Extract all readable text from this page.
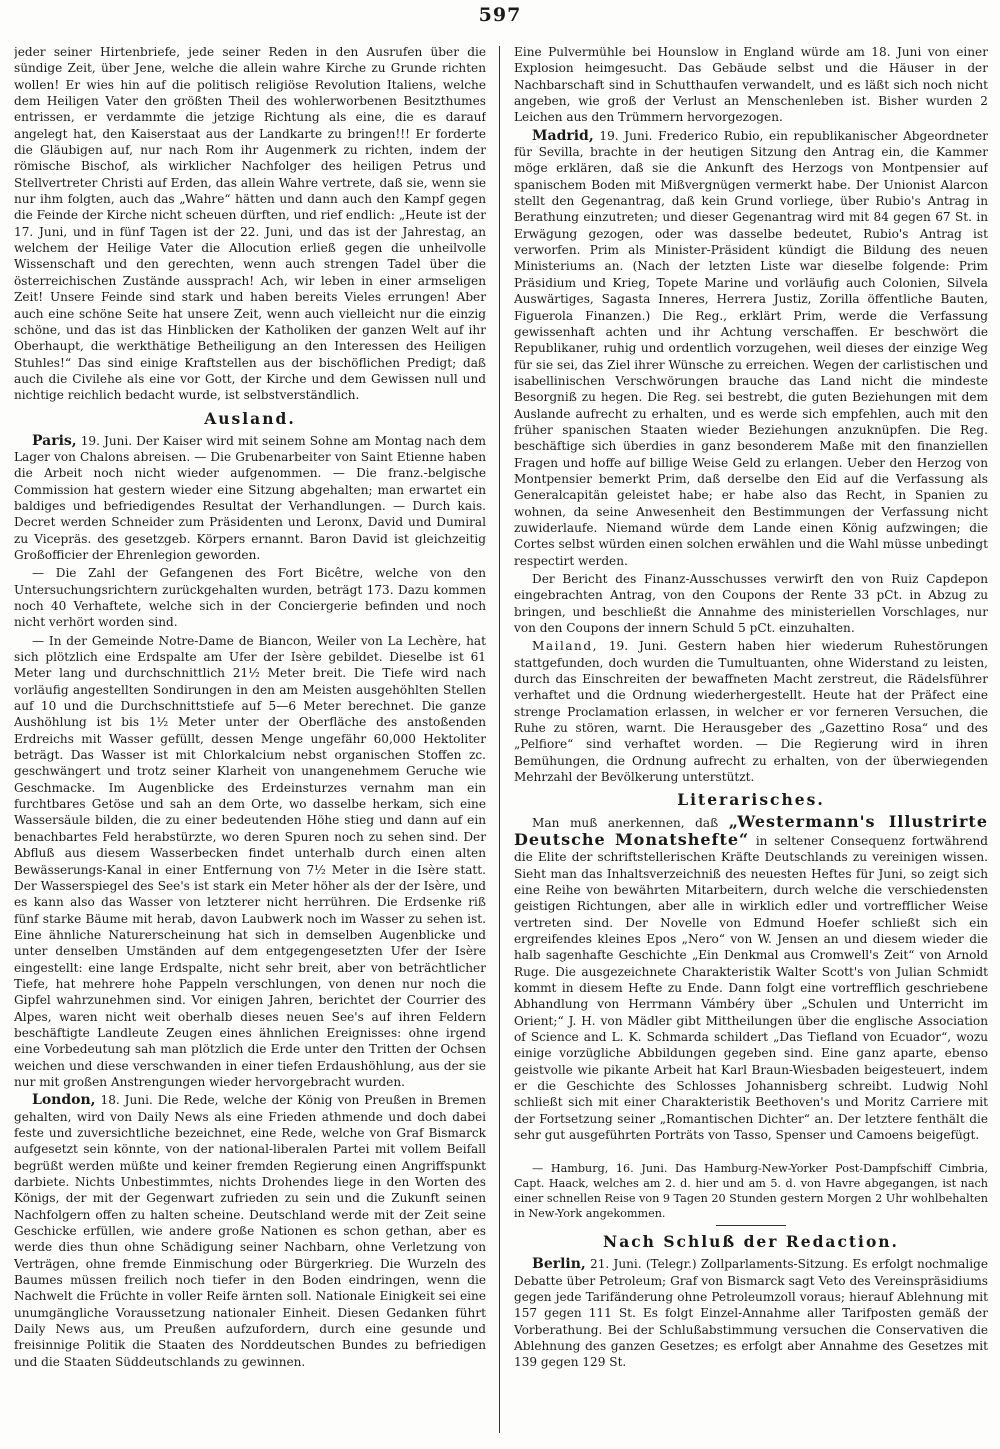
597

jeder seiner Hirtenbriefe, jede seiner Reden in den Ausrufen über die sündige Zeit, über Jene, welche die allein wahre Kirche zu Grunde richten wollen! Er wies hin auf die politisch religiöse Revolution Italiens, welche dem Heiligen Vater den größten Theil des wohlerworbenen Besitzthumes entrissen, er verdammte die jetzige Richtung als eine, die es darauf angelegt hat, den Kaiserstaat aus der Landkarte zu bringen!!! Er forderte die Gläubigen auf, nur nach Rom ihr Augenmerk zu richten, indem der römische Bischof, als wirklicher Nachfolger des heiligen Petrus und Stellvertreter Christi auf Erden, das allein Wahre vertrete, daß sie, wenn sie nur ihm folgten, auch das „Wahre“ hätten und dann auch den Kampf gegen die Feinde der Kirche nicht scheuen dürften, und rief endlich: „Heute ist der 17. Juni, und in fünf Tagen ist der 22. Juni, und das ist der Jahrestag, an welchem der Heilige Vater die Allocution erließ gegen die unheilvolle Wissenschaft und den gerechten, wenn auch strengen Tadel über die österreichischen Zustände aussprach! Ach, wir leben in einer armseligen Zeit! Unsere Feinde sind stark und haben bereits Vieles errungen! Aber auch eine schöne Seite hat unsere Zeit, wenn auch vielleicht nur die einzig schöne, und das ist das Hinblicken der Katholiken der ganzen Welt auf ihr Oberhaupt, die werkthätige Betheiligung an den Interessen des Heiligen Stuhles!“ Das sind einige Kraftstellen aus der bischöflichen Predigt; daß auch die Civilehe als eine vor Gott, der Kirche und dem Gewissen null und nichtige reichlich bedacht wurde, ist selbstverständlich.

Ausland.

Paris, 19. Juni. Der Kaiser wird mit seinem Sohne am Montag nach dem Lager von Chalons abreisen. — Die Grubenarbeiter von Saint Etienne haben die Arbeit noch nicht wieder aufgenommen. — Die franz.-belgische Commission hat gestern wieder eine Sitzung abgehalten; man erwartet ein baldiges und befriedigendes Resultat der Verhandlungen. — Durch kais. Decret werden Schneider zum Präsidenten und Leronx, David und Dumiral zu Vicepräs. des gesetzgeb. Körpers ernannt. Baron David ist gleichzeitig Großofficier der Ehrenlegion geworden.

— Die Zahl der Gefangenen des Fort Bicêtre, welche von den Untersuchungsrichtern zurückgehalten wurden, beträgt 173. Dazu kommen noch 40 Verhaftete, welche sich in der Conciergerie befinden und noch nicht verhört worden sind.

— In der Gemeinde Notre-Dame de Biancon, Weiler von La Lechère, hat sich plötzlich eine Erdspalte am Ufer der Isère gebildet. Dieselbe ist 61 Meter lang und durchschnittlich 21½ Meter breit. Die Tiefe wird nach vorläufig angestellten Sondirungen in den am Meisten ausgehöhlten Stellen auf 10 und die Durchschnittstiefe auf 5—6 Meter berechnet. Die ganze Aushöhlung ist bis 1½ Meter unter der Oberfläche des anstoßenden Erdreichs mit Wasser gefüllt, dessen Menge ungefähr 60,000 Hektoliter beträgt. Das Wasser ist mit Chlorkalcium nebst organischen Stoffen zc. geschwängert und trotz seiner Klarheit von unangenehmem Geruche wie Geschmacke. Im Augenblicke des Erdeinsturzes vernahm man ein furchtbares Getöse und sah an dem Orte, wo dasselbe herkam, sich eine Wassersäule bilden, die zu einer bedeutenden Höhe stieg und dann auf ein benachbartes Feld herabstürzte, wo deren Spuren noch zu sehen sind. Der Abfluß aus diesem Wasserbecken findet unterhalb durch einen alten Bewässerungs-Kanal in einer Entfernung von 7½ Meter in die Isère statt. Der Wasserspiegel des See's ist stark ein Meter höher als der der Isère, und es kann also das Wasser von letzterer nicht herrühren. Die Erdsenke riß fünf starke Bäume mit herab, davon Laubwerk noch im Wasser zu sehen ist. Eine ähnliche Naturerscheinung hat sich in demselben Augenblicke und unter denselben Umständen auf dem entgegengesetzten Ufer der Isère eingestellt: eine lange Erdspalte, nicht sehr breit, aber von beträchtlicher Tiefe, hat mehrere hohe Pappeln verschlungen, von denen nur noch die Gipfel wahrzunehmen sind. Vor einigen Jahren, berichtet der Courrier des Alpes, waren nicht weit oberhalb dieses neuen See's auf ihren Feldern beschäftigte Landleute Zeugen eines ähnlichen Ereignisses: ohne irgend eine Vorbedeutung sah man plötzlich die Erde unter den Tritten der Ochsen weichen und diese verschwanden in einer tiefen Erdaushöhlung, aus der sie nur mit großen Anstrengungen wieder hervorgebracht wurden.

London, 18. Juni. Die Rede, welche der König von Preußen in Bremen gehalten, wird von Daily News als eine Frieden athmende und doch dabei feste und zuversichtliche bezeichnet, eine Rede, welche von Graf Bismarck aufgesetzt sein könnte, von der national-liberalen Partei mit vollem Beifall begrüßt werden müßte und keiner fremden Regierung einen Angriffspunkt darbiete. Nichts Unbestimmtes, nichts Drohendes liege in den Worten des Königs, der mit der Gegenwart zufrieden zu sein und die Zukunft seinen Nachfolgern offen zu halten scheine. Deutschland werde mit der Zeit seine Geschicke erfüllen, wie andere große Nationen es schon gethan, aber es werde dies thun ohne Schädigung seiner Nachbarn, ohne Verletzung von Verträgen, ohne fremde Einmischung oder Bürgerkrieg. Die Wurzeln des Baumes müssen freilich noch tiefer in den Boden eindringen, wenn die Nachwelt die Früchte in voller Reife ärnten soll. Nationale Einigkeit sei eine unumgängliche Voraussetzung nationaler Einheit. Diesen Gedanken führt Daily News aus, um Preußen aufzufordern, durch eine gesunde und freisinnige Politik die Staaten des Norddeutschen Bundes zu befriedigen und die Staaten Süddeutschlands zu gewinnen.

Eine Pulvermühle bei Hounslow in England würde am 18. Juni von einer Explosion heimgesucht. Das Gebäude selbst und die Häuser in der Nachbarschaft sind in Schutthaufen verwandelt, und es läßt sich noch nicht angeben, wie groß der Verlust an Menschenleben ist. Bisher wurden 2 Leichen aus den Trümmern hervorgezogen.

Madrid, 19. Juni. Frederico Rubio, ein republikanischer Abgeordneter für Sevilla, brachte in der heutigen Sitzung den Antrag ein, die Kammer möge erklären, daß sie die Ankunft des Herzogs von Montpensier auf spanischem Boden mit Mißvergnügen vermerkt habe. Der Unionist Alarcon stellt den Gegenantrag, daß kein Grund vorliege, über Rubio's Antrag in Berathung einzutreten; und dieser Gegenantrag wird mit 84 gegen 67 St. in Erwägung gezogen, oder was dasselbe bedeutet, Rubio's Antrag ist verworfen. Prim als Minister-Präsident kündigt die Bildung des neuen Ministeriums an. (Nach der letzten Liste war dieselbe folgende: Prim Präsidium und Krieg, Topete Marine und vorläufig auch Colonien, Silvela Auswärtiges, Sagasta Inneres, Herrera Justiz, Zorilla öffentliche Bauten, Figuerola Finanzen.) Die Reg., erklärt Prim, werde die Verfassung gewissenhaft achten und ihr Achtung verschaffen. Er beschwört die Republikaner, ruhig und ordentlich vorzugehen, weil dieses der einzige Weg für sie sei, das Ziel ihrer Wünsche zu erreichen. Wegen der carlistischen und isabellinischen Verschwörungen brauche das Land nicht die mindeste Besorgniß zu hegen. Die Reg. sei bestrebt, die guten Beziehungen mit dem Auslande aufrecht zu erhalten, und es werde sich empfehlen, auch mit den früher spanischen Staaten wieder Beziehungen anzuknüpfen. Die Reg. beschäftige sich überdies in ganz besonderem Maße mit den finanziellen Fragen und hoffe auf billige Weise Geld zu erlangen. Ueber den Herzog von Montpensier bemerkt Prim, daß derselbe den Eid auf die Verfassung als Generalcapitän geleistet habe; er habe also das Recht, in Spanien zu wohnen, da seine Anwesenheit den Bestimmungen der Verfassung nicht zuwiderlaufe. Niemand würde dem Lande einen König aufzwingen; die Cortes selbst würden einen solchen erwählen und die Wahl müsse unbedingt respectirt werden.

Der Bericht des Finanz-Ausschusses verwirft den von Ruiz Capdepon eingebrachten Antrag, von den Coupons der Rente 33 pCt. in Abzug zu bringen, und beschließt die Annahme des ministeriellen Vorschlages, nur von den Coupons der innern Schuld 5 pCt. einzuhalten.

Mailand, 19. Juni. Gestern haben hier wiederum Ruhestörungen stattgefunden, doch wurden die Tumultuanten, ohne Widerstand zu leisten, durch das Einschreiten der bewaffneten Macht zerstreut, die Rädelsführer verhaftet und die Ordnung wiederhergestellt. Heute hat der Präfect eine strenge Proclamation erlassen, in welcher er vor ferneren Versuchen, die Ruhe zu stören, warnt. Die Herausgeber des „Gazettino Rosa“ und des „Pelfiore“ sind verhaftet worden. — Die Regierung wird in ihren Bemühungen, die Ordnung aufrecht zu erhalten, von der überwiegenden Mehrzahl der Bevölkerung unterstützt.

Literarisches.

Man muß anerkennen, daß „Westermann's Illustrirte Deutsche Monatshefte“ in seltener Consequenz fortwährend die Elite der schriftstellerischen Kräfte Deutschlands zu vereinigen wissen. Sieht man das Inhaltsverzeichniß des neuesten Heftes für Juni, so zeigt sich eine Reihe von bewährten Mitarbeitern, durch welche die verschiedensten geistigen Richtungen, aber alle in wirklich edler und vortrefflicher Weise vertreten sind. Der Novelle von Edmund Hoefer schließt sich ein ergreifendes kleines Epos „Nero“ von W. Jensen an und diesem wieder die halb sagenhafte Geschichte „Ein Denkmal aus Cromwell's Zeit“ von Arnold Ruge. Die ausgezeichnete Charakteristik Walter Scott's von Julian Schmidt kommt in diesem Hefte zu Ende. Dann folgt eine vortrefflich geschriebene Abhandlung von Herrmann Vámbéry über „Schulen und Unterricht im Orient;“ J. H. von Mädler gibt Mittheilungen über die englische Association of Science and L. K. Schmarda schildert „Das Tiefland von Ecuador“, wozu einige vorzügliche Abbildungen gegeben sind. Eine ganz aparte, ebenso geistvolle wie pikante Arbeit hat Karl Braun-Wiesbaden beigesteuert, indem er die Geschichte des Schlosses Johannisberg schreibt. Ludwig Nohl schließt sich mit einer Charakteristik Beethoven's und Moritz Carriere mit der Fortsetzung seiner „Romantischen Dichter“ an. Der letztere fenthält die sehr gut ausgeführten Porträts von Tasso, Spenser und Camoens beigefügt.

— Hamburg, 16. Juni. Das Hamburg-New-Yorker Post-Dampfschiff Cimbria, Capt. Haack, welches am 2. d. hier und am 5. d. von Havre abgegangen, ist nach einer schnellen Reise von 9 Tagen 20 Stunden gestern Morgen 2 Uhr wohlbehalten in New-York angekommen.

Nach Schluß der Redaction.

Berlin, 21. Juni. (Telegr.) Zollparlaments-Sitzung. Es erfolgt nochmalige Debatte über Petroleum; Graf von Bismarck sagt Veto des Vereinspräsidiums gegen jede Tarifänderung ohne Petroleumzoll voraus; hierauf Ablehnung mit 157 gegen 111 St. Es folgt Einzel-Annahme aller Tarifposten gemäß der Vorberathung. Bei der Schlußabstimmung versuchen die Conservativen die Ablehnung des ganzen Gesetzes; es erfolgt aber Annahme des Gesetzes mit 139 gegen 129 St.
